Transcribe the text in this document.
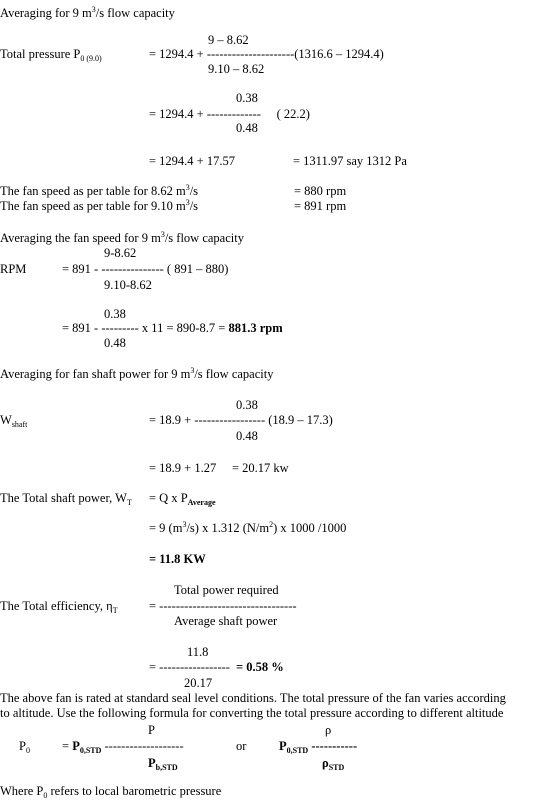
Averaging for 9 $m^3/s$ flow capacity
9 – 8.62
Total pressure $P_{0 (9.0)}$	= 1294.4 + ---------------------(1316.6 – 1294.4)
9.10 – 8.62
0.38
= 1294.4 + -------------     ( 22.2)
0.48
= 1294.4 + 17.57	= 1311.97 say 1312 Pa
The fan speed as per table for 8.62 $m^3/s$	= 880 rpm
The fan speed as per table for 9.10 $m^3/s$	= 891 rpm
Averaging the fan speed for 9 $m^3/s$ flow capacity
9-8.62
RPM	= 891 - --------------- ( 891 – 880)
9.10-8.62
0.38
= 891 - --------- x 11 = 890-8.7 = 881.3 rpm
0.48
Averaging for fan shaft power for 9 $m^3/s$ flow capacity
0.38
$W_{shaft}$	= 18.9 + ----------------- (18.9 – 17.3)
0.48
= 18.9 + 1.27 = 20.17 kw
The Total shaft power, $W_T = Q$ x $P_{Average}$
= 9 $(m^3/s)$ x 1.312 $(N/m^2)$ x 1000 /1000
= 11.8 KW
Total power required
The Total efficiency, $\eta_T$	= ---------------------------------
Average shaft power
11.8
= ----------------- = 0.58 %
20.17
The above fan is rated at standard seal level conditions. The total pressure of the fan varies according
to altitude. Use the following formula for converting the total pressure according to different altitude
P	ρ
$P_0$	= $P_{0,STD}$ -------------------	or	$P_{0,STD}$ -----------
$P_{b,STD}$	$\rho_{STD}$
Where $P_0$ refers to local barometric pressure
